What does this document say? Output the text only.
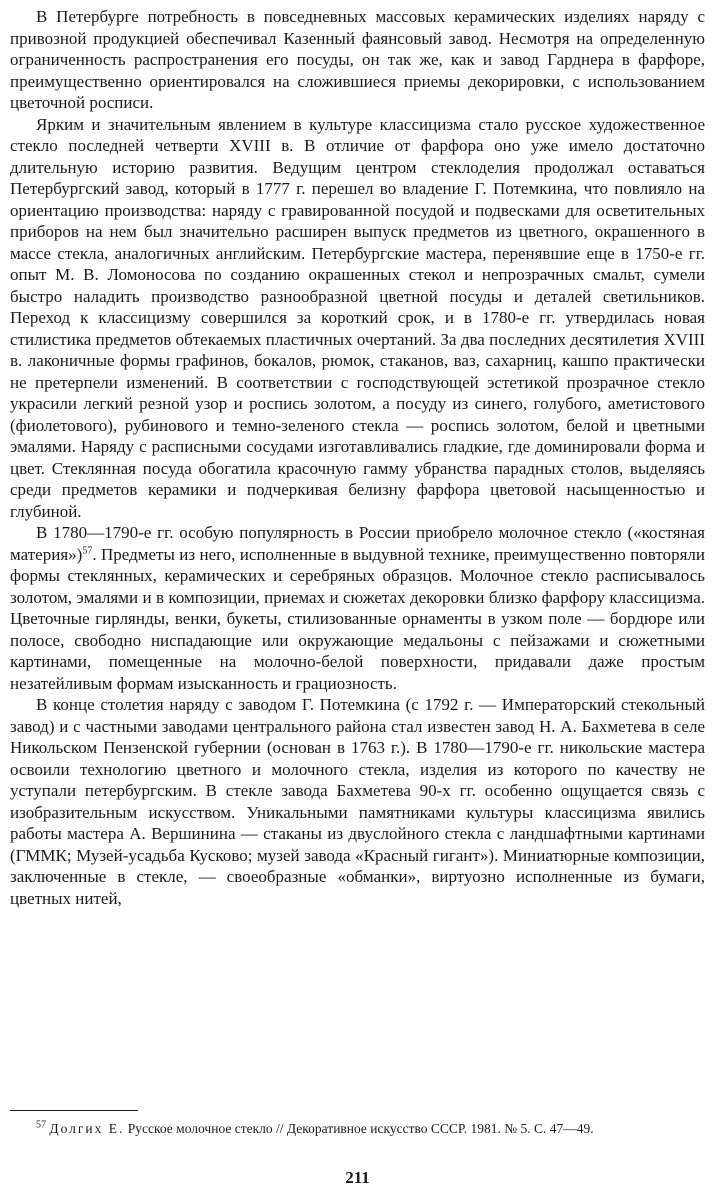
В Петербурге потребность в повседневных массовых керамических изделиях наряду с привозной продукцией обеспечивал Казенный фаянсовый завод. Несмотря на определенную ограниченность распространения его посуды, он так же, как и завод Гарднера в фарфоре, преимущественно ориентировался на сложившиеся приемы декорировки, с использованием цветочной росписи.

Ярким и значительным явлением в культуре классицизма стало русское художественное стекло последней четверти XVIII в. В отличие от фарфора оно уже имело достаточно длительную историю развития. Ведущим центром стеклоделия продолжал оставаться Петербургский завод, который в 1777 г. перешел во владение Г. Потемкина, что повлияло на ориентацию производства: наряду с гравированной посудой и подвесками для осветительных приборов на нем был значительно расширен выпуск предметов из цветного, окрашенного в массе стекла, аналогичных английским. Петербургские мастера, перенявшие еще в 1750-е гг. опыт М. В. Ломоносова по созданию окрашенных стекол и непрозрачных смальт, сумели быстро наладить производство разнообразной цветной посуды и деталей светильников. Переход к классицизму совершился за короткий срок, и в 1780-е гг. утвердилась новая стилистика предметов обтекаемых пластичных очертаний. За два последних десятилетия XVIII в. лаконичные формы графинов, бокалов, рюмок, стаканов, ваз, сахарниц, кашпо практически не претерпели изменений. В соответствии с господствующей эстетикой прозрачное стекло украсили легкий резной узор и роспись золотом, а посуду из синего, голубого, аметистового (фиолетового), рубинового и темно-зеленого стекла — роспись золотом, белой и цветными эмалями. Наряду с расписными сосудами изготавливались гладкие, где доминировали форма и цвет. Стеклянная посуда обогатила красочную гамму убранства парадных столов, выделяясь среди предметов керамики и подчеркивая белизну фарфора цветовой насыщенностью и глубиной.

В 1780—1790-е гг. особую популярность в России приобрело молочное стекло («костяная материя»)$^{57}$. Предметы из него, исполненные в выдувной технике, преимущественно повторяли формы стеклянных, керамических и серебряных образцов. Молочное стекло расписывалось золотом, эмалями и в композиции, приемах и сюжетах декоровки близко фарфору классицизма. Цветочные гирлянды, венки, букеты, стилизованные орнаменты в узком поле — бордюре или полосе, свободно ниспадающие или окружающие медальоны с пейзажами и сюжетными картинами, помещенные на молочно-белой поверхности, придавали даже простым незатейливым формам изысканность и грациозность.

В конце столетия наряду с заводом Г. Потемкина (с 1792 г. — Императорский стекольный завод) и с частными заводами центрального района стал известен завод Н. А. Бахметева в селе Никольском Пензенской губернии (основан в 1763 г.). В 1780—1790-е гг. никольские мастера освоили технологию цветного и молочного стекла, изделия из которого по качеству не уступали петербургским. В стекле завода Бахметева 90-х гг. особенно ощущается связь с изобразительным искусством. Уникальными памятниками культуры классицизма явились работы мастера А. Вершинина — стаканы из двуслойного стекла с ландшафтными картинами (ГММК; Музей-усадьба Кусково; музей завода «Красный гигант»). Миниатюрные композиции, заключенные в стекле, — своеобразные «обманки», виртуозно исполненные из бумаги, цветных нитей,

$^{57}$ Долгих Е. Русское молочное стекло // Декоративное искусство СССР. 1981. № 5. С. 47—49.
211
